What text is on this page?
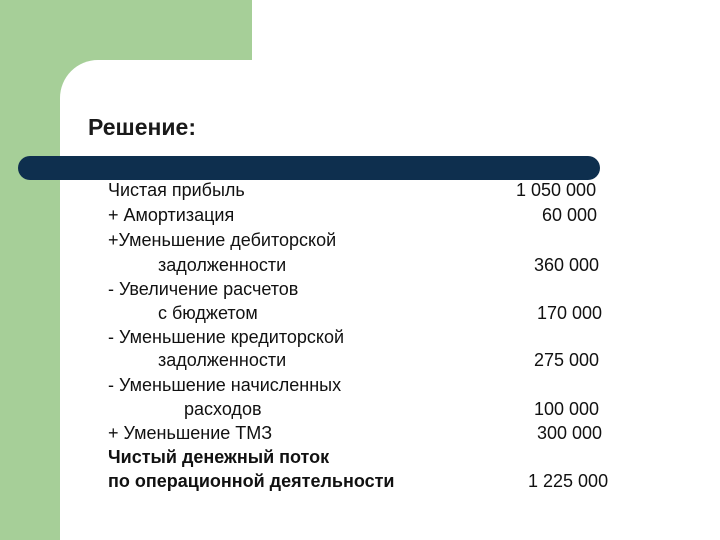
Решение:
Чистая прибыль	1 050 000
+ Амортизация	60 000
+Уменьшение дебиторской
задолженности	360 000
- Увеличение расчетов
с бюджетом	170 000
- Уменьшение кредиторской
задолженности	275 000
- Уменьшение начисленных
расходов	100 000
+ Уменьшение ТМЗ	300 000
Чистый денежный поток
по операционной деятельности	1 225 000
